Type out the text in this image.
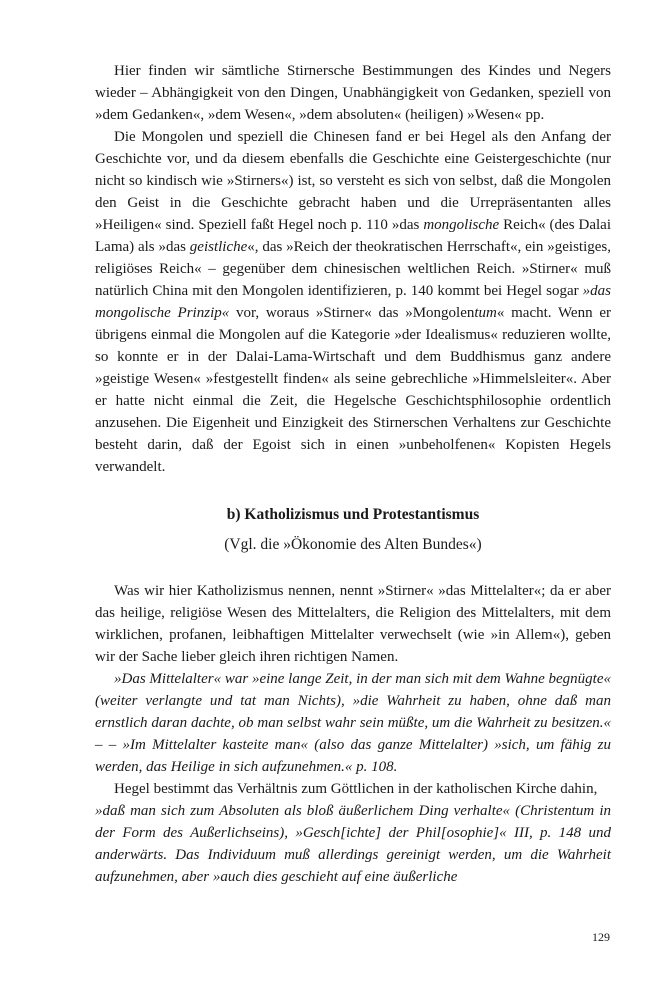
Hier finden wir sämtliche Stirnersche Bestimmungen des Kindes und Negers wieder – Abhängigkeit von den Dingen, Unabhängigkeit von Gedanken, speziell von »dem Gedanken«, »dem Wesen«, »dem absoluten« (heiligen) »Wesen« pp.

Die Mongolen und speziell die Chinesen fand er bei Hegel als den Anfang der Geschichte vor, und da diesem ebenfalls die Geschichte eine Geistergeschichte (nur nicht so kindisch wie »Stirners«) ist, so versteht es sich von selbst, daß die Mongolen den Geist in die Geschichte gebracht haben und die Urrepräsentanten alles »Heiligen« sind. Speziell faßt Hegel noch p. 110 »das mongolische Reich« (des Dalai Lama) als »das geistliche«, das »Reich der theokratischen Herrschaft«, ein »geistiges, religiöses Reich« – gegenüber dem chinesischen weltlichen Reich. »Stirner« muß natürlich China mit den Mongolen identifizieren, p. 140 kommt bei Hegel sogar »das mongolische Prinzip« vor, woraus »Stirner« das »Mongolentum« macht. Wenn er übrigens einmal die Mongolen auf die Kategorie »der Idealismus« reduzieren wollte, so konnte er in der Dalai-Lama-Wirtschaft und dem Buddhismus ganz andere »geistige Wesen« »festgestellt finden« als seine gebrechliche »Himmelsleiter«. Aber er hatte nicht einmal die Zeit, die Hegelsche Geschichtsphilosophie ordentlich anzusehen. Die Eigenheit und Einzigkeit des Stirnerschen Verhaltens zur Geschichte besteht darin, daß der Egoist sich in einen »unbeholfenen« Kopisten Hegels verwandelt.

b) Katholizismus und Protestantismus
(Vgl. die »Ökonomie des Alten Bundes«)

Was wir hier Katholizismus nennen, nennt »Stirner« »das Mittelalter«; da er aber das heilige, religiöse Wesen des Mittelalters, die Religion des Mittelalters, mit dem wirklichen, profanen, leibhaftigen Mittelalter verwechselt (wie »in Allem«), geben wir der Sache lieber gleich ihren richtigen Namen.

»Das Mittelalter« war »eine lange Zeit, in der man sich mit dem Wahne begnügte« (weiter verlangte und tat man Nichts), »die Wahrheit zu haben, ohne daß man ernstlich daran dachte, ob man selbst wahr sein müßte, um die Wahrheit zu besitzen.« – – »Im Mittelalter kasteite man« (also das ganze Mittelalter) »sich, um fähig zu werden, das Heilige in sich aufzunehmen.« p. 108.

Hegel bestimmt das Verhältnis zum Göttlichen in der katholischen Kirche dahin,

»daß man sich zum Absoluten als bloß äußerlichem Ding verhalte« (Christentum in der Form des Außerlichseins), »Gesch[ichte] der Phil[osophie]« III, p. 148 und anderwärts. Das Individuum muß allerdings gereinigt werden, um die Wahrheit aufzunehmen, aber »auch dies geschieht auf eine äußerliche

129
